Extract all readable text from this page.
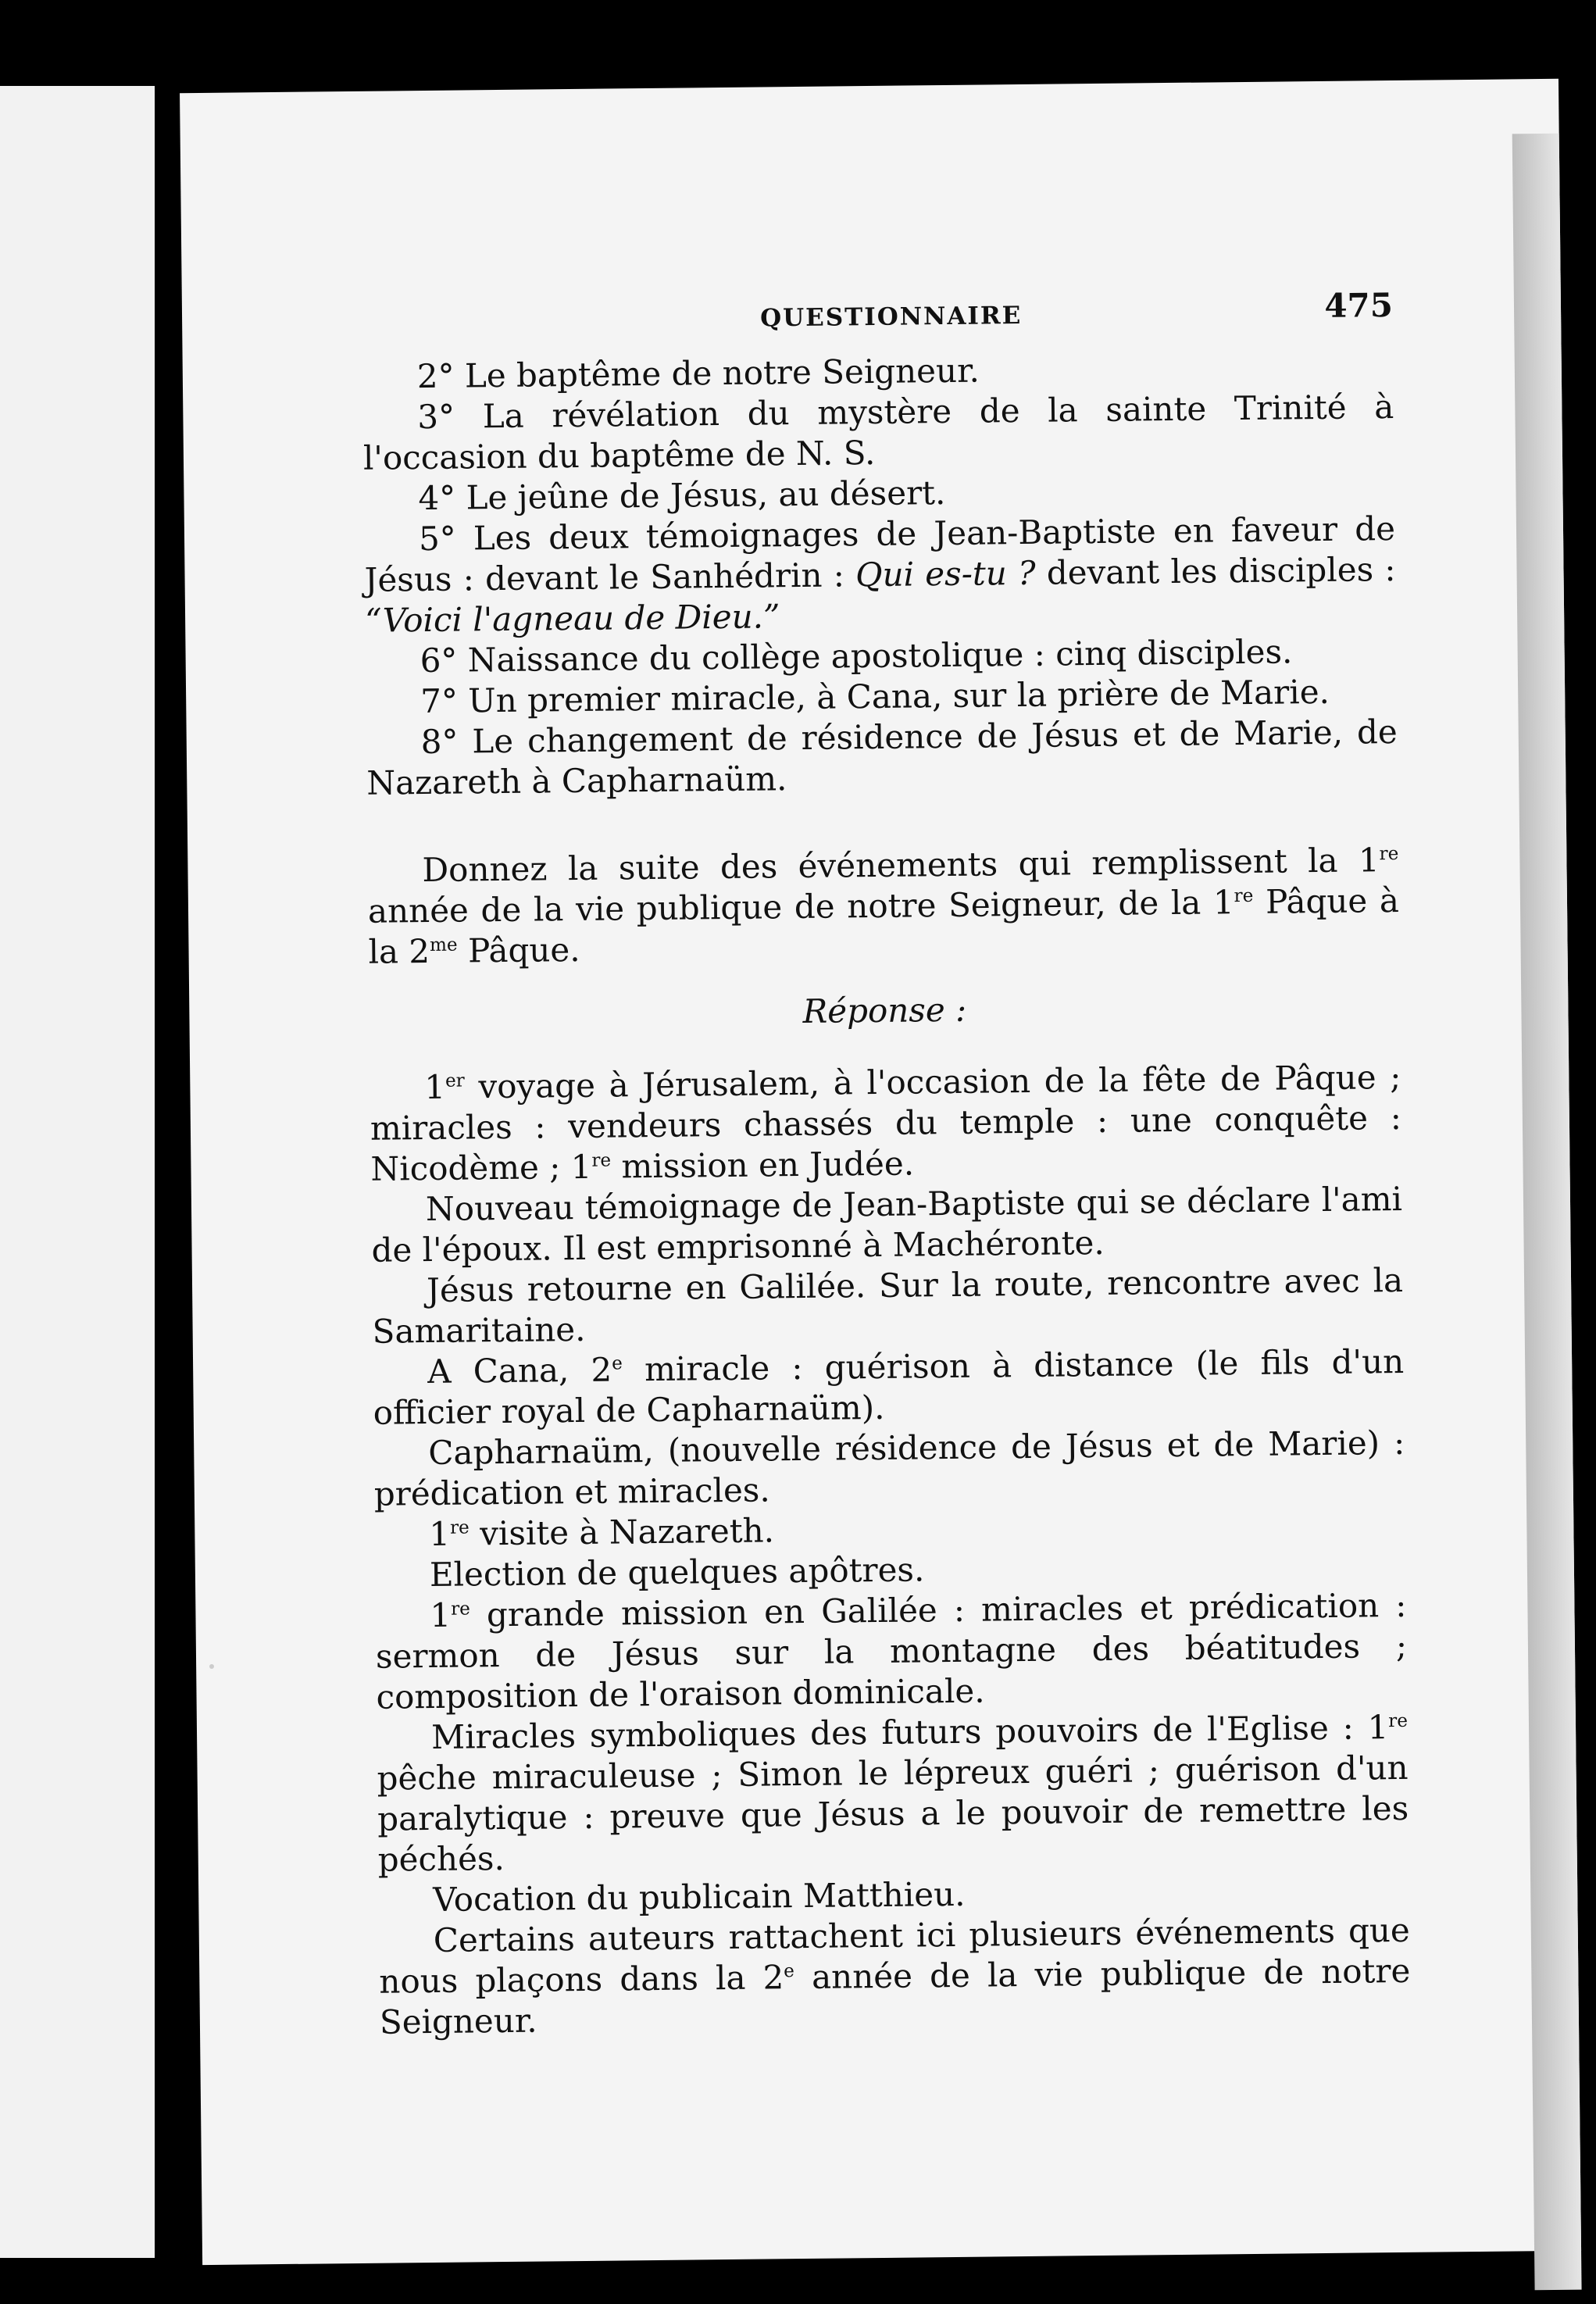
QUESTIONNAIRE	475

2° Le baptême de notre Seigneur.

3° La révélation du mystère de la sainte Trinité à l'occasion du baptême de N. S.

4° Le jeûne de Jésus, au désert.

5° Les deux témoignages de Jean-Baptiste en faveur de Jésus : devant le Sanhédrin : Qui es-tu ? devant les disciples : “Voici l'agneau de Dieu.”

6° Naissance du collège apostolique : cinq disciples.

7° Un premier miracle, à Cana, sur la prière de Marie.

8° Le changement de résidence de Jésus et de Marie, de Nazareth à Capharnaüm.

Donnez la suite des événements qui remplissent la 1re année de la vie publique de notre Seigneur, de la 1re Pâque à la $2^{me}$ Pâque.

Réponse :

1er voyage à Jérusalem, à l'occasion de la fête de Pâque ; miracles : vendeurs chassés du temple : une conquête : Nicodème ; 1re mission en Judée.

Nouveau témoignage de Jean-Baptiste qui se déclare l'ami de l'époux. Il est emprisonné à Machéronte.

Jésus retourne en Galilée. Sur la route, rencontre avec la Samaritaine.

A Cana, 2e miracle : guérison à distance (le fils d'un officier royal de Capharnaüm).

Capharnaüm, (nouvelle résidence de Jésus et de Marie) : prédication et miracles.

1re visite à Nazareth.

Election de quelques apôtres.

1re grande mission en Galilée : miracles et prédication : sermon de Jésus sur la montagne des béatitudes ; composition de l'oraison dominicale.

Miracles symboliques des futurs pouvoirs de l'Eglise : 1re pêche miraculeuse ; Simon le lépreux guéri ; guérison d'un paralytique : preuve que Jésus a le pouvoir de remettre les péchés.

Vocation du publicain Matthieu.

Certains auteurs rattachent ici plusieurs événements que nous plaçons dans la 2e année de la vie publique de notre Seigneur.
